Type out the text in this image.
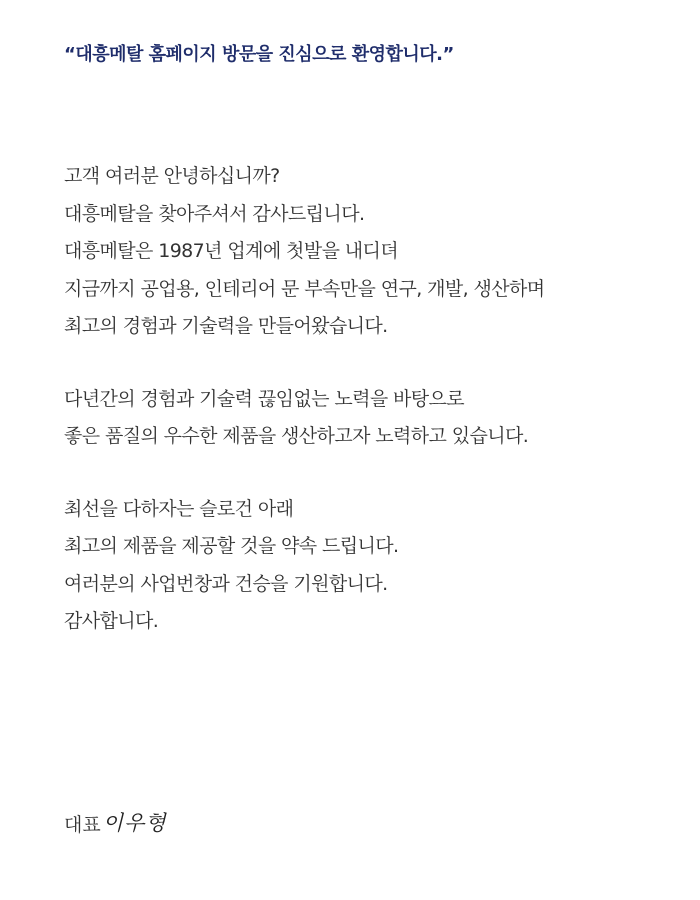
“대흥메탈 홈페이지 방문을 진심으로 환영합니다.”
고객 여러분 안녕하십니까?
대흥메탈을 찾아주셔서 감사드립니다.
대흥메탈은 1987년 업계에 첫발을 내디뎌
지금까지 공업용, 인테리어 문 부속만을 연구, 개발, 생산하며
최고의 경험과 기술력을 만들어왔습니다.
다년간의 경험과 기술력 끊임없는 노력을 바탕으로
좋은 품질의 우수한 제품을 생산하고자 노력하고 있습니다.
최선을 다하자는 슬로건 아래
최고의 제품을 제공할 것을 약속 드립니다.
여러분의 사업번창과 건승을 기원합니다.
감사합니다.
대표 이우형
